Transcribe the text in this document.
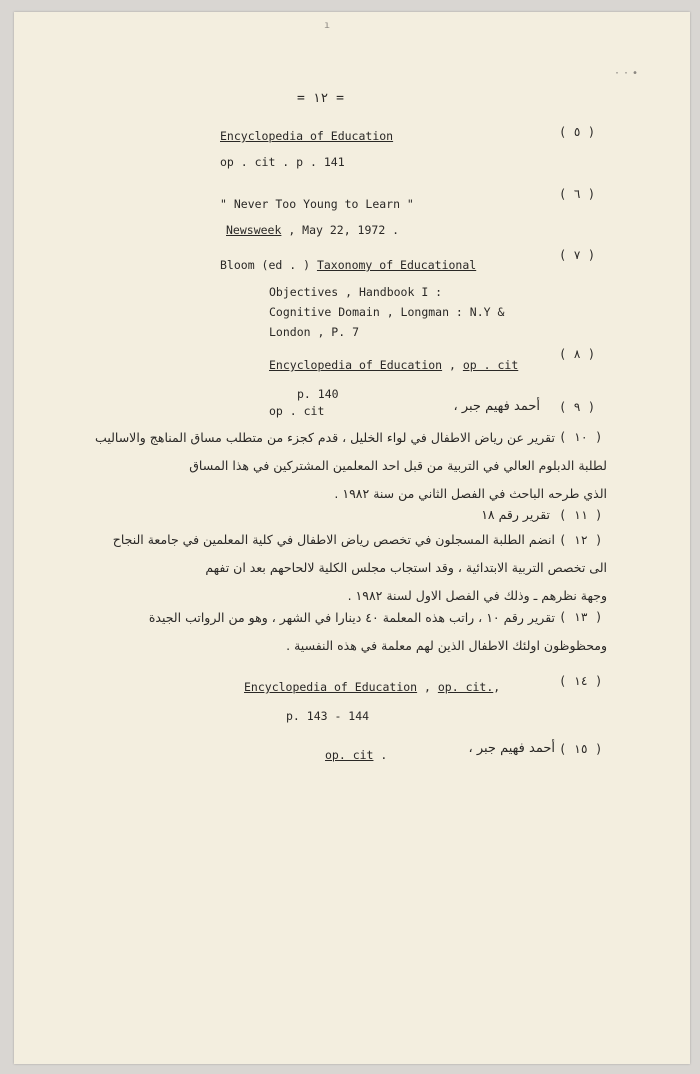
ı
··•
= ١٢ =
( ٥ )
Encyclopedia of Education
op . cit . p . 141
( ٦ )
" Never Too Young to Learn "
Newsweek , May 22, 1972 .
( ٧ )
Bloom (ed . ) Taxonomy of Educational
Objectives , Handbook I :
Cognitive Domain , Longman : N.Y &
London , P. 7
( ٨ )
Encyclopedia of Education , op . cit
p. 140
op . cit	( ٩ )
أحمد فهيم جبر ،
( ١٠ )
تقرير عن رياض الاطفال في لواء الخليل ، قدم كجزء من متطلب مساق المناهج والاساليب
لطلبة الدبلوم العالي في التربية من قبل احد المعلمين المشتركين في هذا المساق
الذي طرحه الباحث في الفصل الثاني من سنة ١٩٨٢ .
( ١١ )
تقرير رقم ١٨
( ١٢ )
انضم الطلبة المسجلون في تخصص رياض الاطفال في كلية المعلمين في جامعة النجاح
الى تخصص التربية الابتدائية ، وقد استجاب مجلس الكلية لالحاحهم بعد ان تفهم
وجهة نظرهم ـ وذلك في الفصل الاول لسنة ١٩٨٢ .
( ١٣ )
تقرير رقم ١٠ ، راتب هذه المعلمة ٤٠ دينارا في الشهر ، وهو من الرواتب الجيدة
ومحظوظون اولئك الاطفال الذين لهم معلمة في هذه النفسية .
( ١٤ )
Encyclopedia of Education , op. cit.,
p. 143 - 144
( ١٥ )
أحمد فهيم جبر ،
op. cit .
